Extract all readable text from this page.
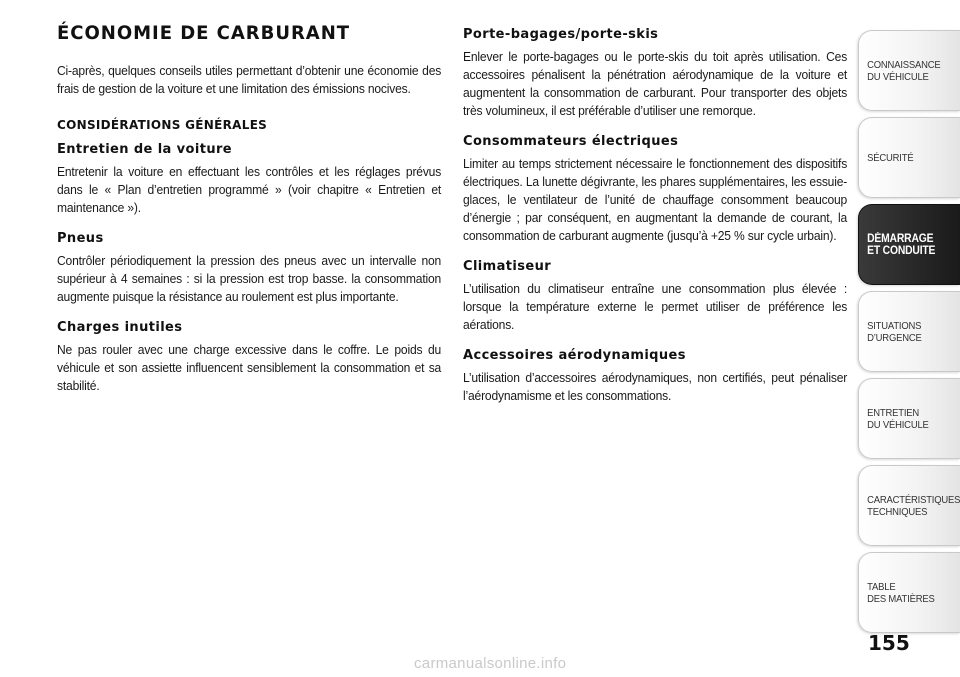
ÉCONOMIE DE CARBURANT

Ci-après, quelques conseils utiles permettant d’obtenir une économie des frais de gestion de la voiture et une limitation des émissions nocives.

CONSIDÉRATIONS GÉNÉRALES
Entretien de la voiture

Entretenir la voiture en effectuant les contrôles et les réglages prévus dans le « Plan d’entretien programmé » (voir chapitre « Entretien et maintenance »).

Pneus

Contrôler périodiquement la pression des pneus avec un intervalle non supérieur à 4 semaines : si la pression est trop basse. la consommation augmente puisque la résistance au roulement est plus importante.

Charges inutiles

Ne pas rouler avec une charge excessive dans le coffre. Le poids du véhicule et son assiette influencent sensiblement la consommation et sa stabilité.

Porte-bagages/porte-skis

Enlever le porte-bagages ou le porte-skis du toit après utilisation. Ces accessoires pénalisent la pénétration aérodynamique de la voiture et augmentent la consommation de carburant. Pour transporter des objets très volumineux, il est préférable d’utiliser une remorque.

Consommateurs électriques

Limiter au temps strictement nécessaire le fonctionnement des dispositifs électriques. La lunette dégivrante, les phares supplémentaires, les essuie-glaces, le ventilateur de l’unité de chauffage consomment beaucoup d’énergie ; par conséquent, en augmentant la demande de courant, la consommation de carburant augmente (jusqu’à +25 % sur cycle urbain).

Climatiseur

L’utilisation du climatiseur entraîne une consommation plus élevée : lorsque la température externe le permet utiliser de préférence les aérations.

Accessoires aérodynamiques

L’utilisation d’accessoires aérodynamiques, non certifiés, peut pénaliser l’aérodynamisme et les consommations.

CONNAISSANCE
DU VÉHICULE
SÉCURITÉ
DÉMARRAGE
ET CONDUITE
SITUATIONS
D’URGENCE
ENTRETIEN
DU VÉHICULE
CARACTÉRISTIQUES
TECHNIQUES
TABLE
DES MATIÈRES
155
carmanualsonline.info
